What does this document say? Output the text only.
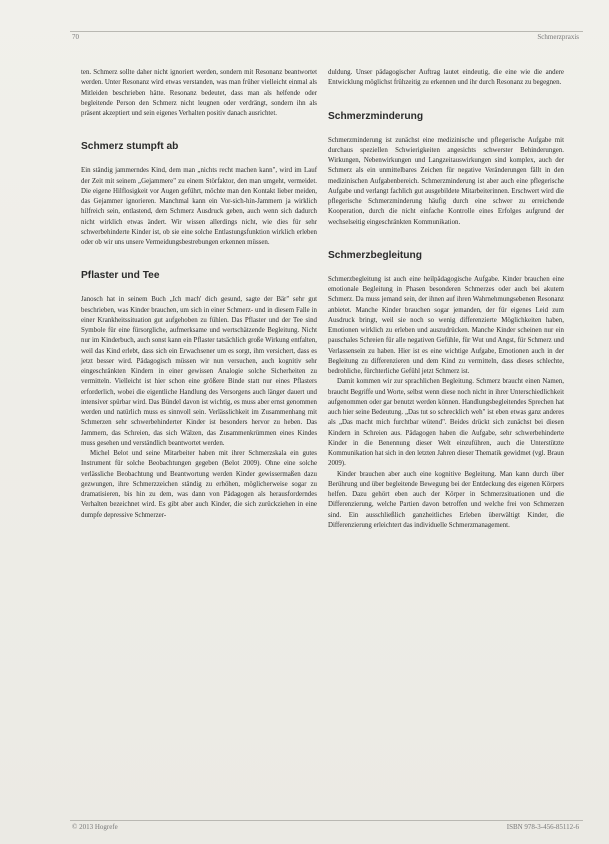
70	Schmerzpraxis

ten. Schmerz sollte daher nicht ignoriert werden, sondern mit Resonanz beantwortet werden. Unter Resonanz wird etwas verstanden, was man früher vielleicht einmal als Mitleiden beschrieben hätte. Resonanz bedeutet, dass man als helfende oder begleitende Person den Schmerz nicht leugnen oder verdrängt, sondern ihn als präsent akzeptiert und sein eigenes Verhalten positiv danach ausrichtet.

Schmerz stumpft ab

Ein ständig jammerndes Kind, dem man „nichts recht machen kann", wird im Lauf der Zeit mit seinem „Gejammere" zu einem Störfaktor, den man umgeht, vermeidet. Die eigene Hilflosigkeit vor Augen geführt, möchte man den Kontakt lieber meiden, das Gejammer ignorieren. Manchmal kann ein Vor-sich-hin-Jammern ja wirklich hilfreich sein, entlastend, dem Schmerz Ausdruck geben, auch wenn sich dadurch nicht wirklich etwas ändert. Wir wissen allerdings nicht, wie dies für sehr schwerbehinderte Kinder ist, ob sie eine solche Entlastungsfunktion wirklich erleben oder ob wir uns unsere Vermeidungsbestrebungen erkennen müssen.

Pflaster und Tee

Janosch hat in seinem Buch „Ich mach' dich gesund, sagte der Bär" sehr gut beschrieben, was Kinder brauchen, um sich in einer Schmerz- und in diesem Falle in einer Krankheitssituation gut aufgehoben zu fühlen. Das Pflaster und der Tee sind Symbole für eine fürsorgliche, aufmerksame und wertschätzende Begleitung. Nicht nur im Kinderbuch, auch sonst kann ein Pflaster tatsächlich große Wirkung entfalten, weil das Kind erlebt, dass sich ein Erwachsener um es sorgt, ihm versichert, dass es jetzt besser wird. Pädagogisch müssen wir nun versuchen, auch kognitiv sehr eingeschränkten Kindern in einer gewissen Analogie solche Sicherheiten zu vermitteln. Vielleicht ist hier schon eine größere Binde statt nur eines Pflasters erforderlich, wobei die eigentliche Handlung des Versorgens auch länger dauert und intensiver spürbar wird. Das Bündel davon ist wichtig, es muss aber ernst genommen werden und natürlich muss es sinnvoll sein. Verlässlichkeit im Zusammenhang mit Schmerzen sehr schwerbehinderter Kinder ist besonders hervor zu heben. Das Jammern, das Schreien, das sich Wälzen, das Zusammenkrümmen eines Kindes muss gesehen und verständlich beantwortet werden.

Michel Belot und seine Mitarbeiter haben mit ihrer Schmerzskala ein gutes Instrument für solche Beobachtungen gegeben (Belot 2009). Ohne eine solche verlässliche Beobachtung und Beantwortung werden Kinder gewissermaßen dazu gezwungen, ihre Schmerzzeichen ständig zu erhöhen, möglicherweise sogar zu dramatisieren, bis hin zu dem, was dann von Pädagogen als herausforderndes Verhalten bezeichnet wird. Es gibt aber auch Kinder, die sich zurückziehen in eine dumpfe depressive Schmerzer-

duldung. Unser pädagogischer Auftrag lautet eindeutig, die eine wie die andere Entwicklung möglichst frühzeitig zu erkennen und ihr durch Resonanz zu begegnen.

Schmerzminderung

Schmerzminderung ist zunächst eine medizinische und pflegerische Aufgabe mit durchaus speziellen Schwierigkeiten angesichts schwerster Behinderungen. Wirkungen, Nebenwirkungen und Langzeitauswirkungen sind komplex, auch der Schmerz als ein unmittelbares Zeichen für negative Veränderungen fällt in den medizinischen Aufgabenbereich. Schmerzminderung ist aber auch eine pflegerische Aufgabe und verlangt fachlich gut ausgebildete Mitarbeiterinnen. Erschwert wird die pflegerische Schmerzminderung häufig durch eine schwer zu erreichende Kooperation, durch die nicht einfache Kontrolle eines Erfolges aufgrund der wechselseitig eingeschränkten Kommunikation.

Schmerzbegleitung

Schmerzbegleitung ist auch eine heilpädagogische Aufgabe. Kinder brauchen eine emotionale Begleitung in Phasen besonderen Schmerzes oder auch bei akutem Schmerz. Da muss jemand sein, der ihnen auf ihren Wahrnehmungsebenen Resonanz anbietet. Manche Kinder brauchen sogar jemanden, der für eigenes Leid zum Ausdruck bringt, weil sie noch so wenig differenzierte Möglichkeiten haben, Emotionen wirklich zu erleben und auszudrücken. Manche Kinder scheinen nur ein pauschales Schreien für alle negativen Gefühle, für Wut und Angst, für Schmerz und Verlassensein zu haben. Hier ist es eine wichtige Aufgabe, Emotionen auch in der Begleitung zu differenzieren und dem Kind zu vermitteln, dass dieses schlechte, bedrohliche, fürchterliche Gefühl jetzt Schmerz ist.

Damit kommen wir zur sprachlichen Begleitung. Schmerz braucht einen Namen, braucht Begriffe und Worte, selbst wenn diese noch nicht in ihrer Unterschiedlichkeit aufgenommen oder gar benutzt werden können. Handlungsbegleitendes Sprechen hat auch hier seine Bedeutung. „Das tut so schrecklich weh" ist eben etwas ganz anderes als „Das macht mich furchtbar wütend". Beides drückt sich zunächst bei diesen Kindern in Schreien aus. Pädagogen haben die Aufgabe, sehr schwerbehinderte Kinder in die Benennung dieser Welt einzuführen, auch die Unterstützte Kommunikation hat sich in den letzten Jahren dieser Thematik gewidmet (vgl. Braun 2009).

Kinder brauchen aber auch eine kognitive Begleitung. Man kann durch über Berührung und über begleitende Bewegung bei der Entdeckung des eigenen Körpers helfen. Dazu gehört eben auch der Körper in Schmerzsituationen und die Differenzierung, welche Partien davon betroffen und welche frei von Schmerzen sind. Ein ausschließlich ganzheitliches Erleben überwältigt Kinder, die Differenzierung erleichtert das individuelle Schmerzmanagement.

© 2013 Hogrefe	ISBN 978-3-456-85112-6
